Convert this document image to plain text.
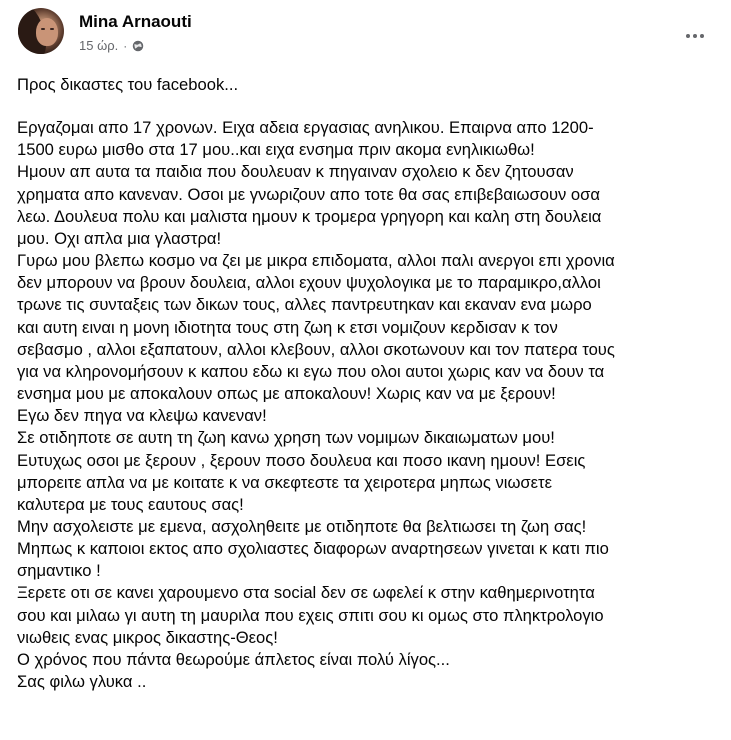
Mina Arnaouti
15 ώρ. ·

Προς δικαστες του facebook...

Εργαζομαι απο 17 χρονων. Ειχα αδεια εργασιας ανηλικου. Επαιρνα απο 1200-

1500 ευρω μισθο στα 17 μου..και ειχα ενσημα πριν ακομα ενηλικιωθω!

Ημουν απ αυτα τα παιδια που δουλευαν κ πηγαιναν σχολειο κ δεν ζητουσαν

χρηματα απο κανεναν. Οσοι με γνωριζουν απο τοτε θα σας επιβεβαιωσουν οσα

λεω. Δουλευα πολυ και μαλιστα ημουν κ τρομερα γρηγορη και καλη στη δουλεια

μου. Οχι απλα μια γλαστρα!

Γυρω μου βλεπω κοσμο να ζει με μικρα επιδοματα, αλλοι παλι ανεργοι επι χρονια

δεν μπορουν να βρουν δουλεια, αλλοι εχουν ψυχολογικα με το παραμικρο,αλλοι

τρωνε τις συνταξεις των δικων τους, αλλες παντρευτηκαν και εκαναν ενα μωρο

και αυτη ειναι η μονη ιδιοτητα τους στη ζωη κ ετσι νομιζουν κερδισαν κ τον

σεβασμο , αλλοι εξαπατουν, αλλοι κλεβουν, αλλοι σκοτωνουν και τον πατερα τους

για να κληρονομήσουν κ καπου εδω κι εγω που ολοι αυτοι χωρις καν να δουν τα

ενσημα μου με αποκαλουν οπως με αποκαλουν! Χωρις καν να με ξερουν!

Εγω δεν πηγα να κλεψω κανεναν!

Σε οτιδηποτε σε αυτη τη ζωη κανω χρηση των νομιμων δικαιωματων μου!

Ευτυχως οσοι με ξερουν , ξερουν ποσο δουλευα και ποσο ικανη ημουν! Εσεις

μπορειτε απλα να με κοιτατε κ να σκεφτεστε τα χειροτερα μηπως νιωσετε

καλυτερα με τους εαυτους σας!

Μην ασχολειστε με εμενα, ασχοληθειτε με οτιδηποτε θα βελτιωσει τη ζωη σας!

Μηπως κ καποιοι εκτος απο σχολιαστες διαφορων αναρτησεων γινεται κ κατι πιο

σημαντικο !

Ξερετε οτι σε κανει χαρουμενο στα social δεν σε ωφελεί κ στην καθημερινοτητα

σου και μιλαω γι αυτη τη μαυριλα που εχεις σπιτι σου κι ομως στο πληκτρολογιο

νιωθεις ενας μικρος δικαστης-Θεος!

Ο χρόνος που πάντα θεωρούμε άπλετος είναι πολύ λίγος...

Σας φιλω γλυκα ..
